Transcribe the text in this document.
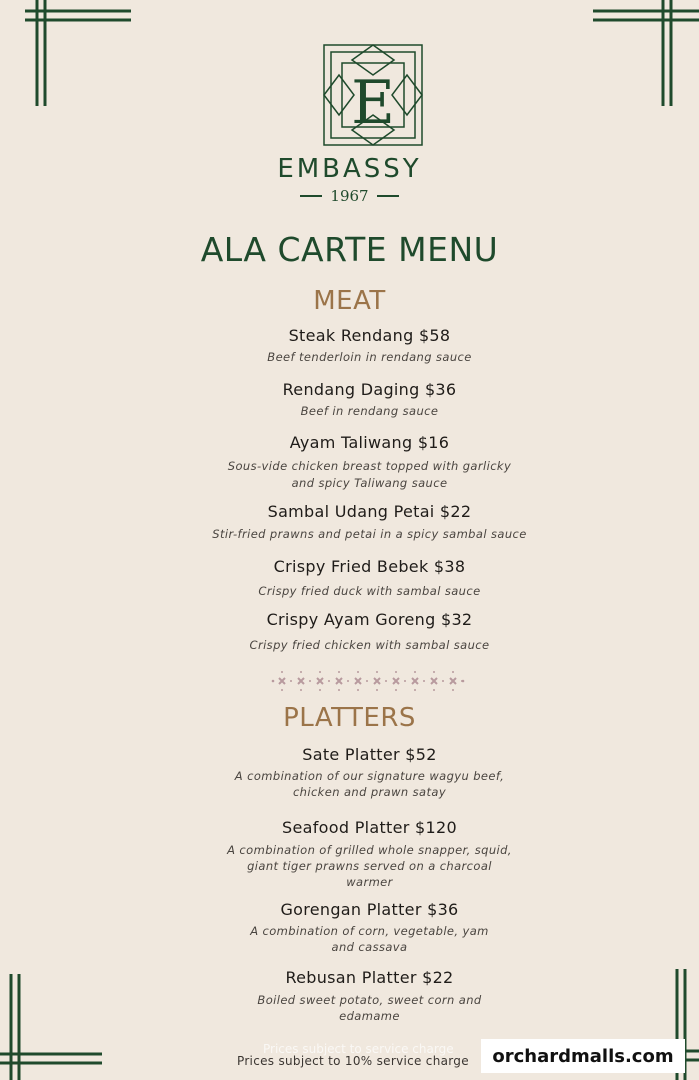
E
EMBASSY
1967
ALA CARTE MENU
MEAT
Steak Rendang $58
Beef tenderloin in rendang sauce
Rendang Daging $36
Beef in rendang sauce
Ayam Taliwang $16
Sous-vide chicken breast topped with garlicky
and spicy Taliwang sauce
Sambal Udang Petai $22
Stir-fried prawns and petai in a spicy sambal sauce
Crispy Fried Bebek $38
Crispy fried duck with sambal sauce
Crispy Ayam Goreng $32
Crispy fried chicken with sambal sauce
PLATTERS
Sate Platter $52
A combination of our signature wagyu beef,
chicken and prawn satay
Seafood Platter $120
A combination of grilled whole snapper, squid,
giant tiger prawns served on a charcoal
warmer
Gorengan Platter $36
A combination of corn, vegetable, yam
and cassava
Rebusan Platter $22
Boiled sweet potato, sweet corn and
edamame
Prices subject to service charge
Prices subject to 10% service charge	orchardmalls.com
